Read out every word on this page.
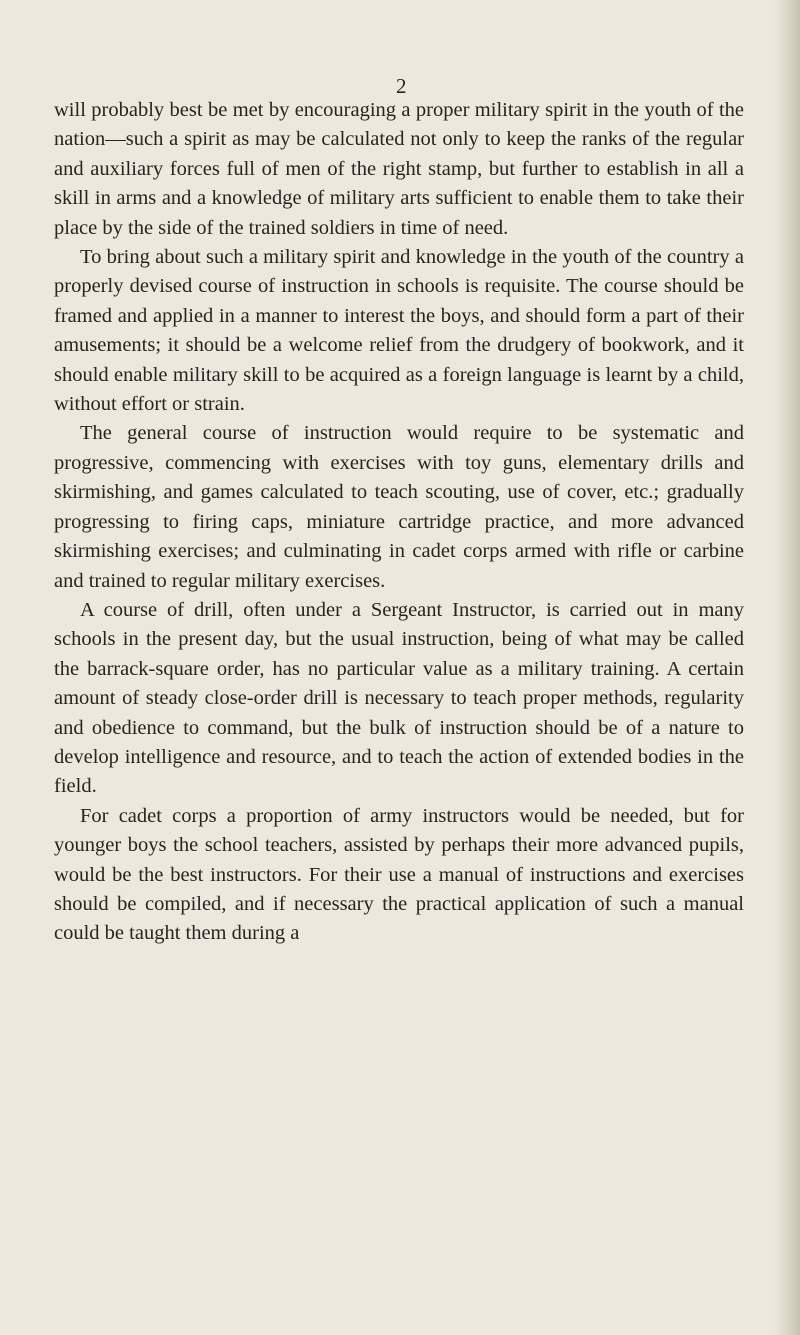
2

will probably best be met by encouraging a proper military spirit in the youth of the nation—such a spirit as may be calculated not only to keep the ranks of the regular and auxiliary forces full of men of the right stamp, but further to establish in all a skill in arms and a knowledge of military arts sufficient to enable them to take their place by the side of the trained soldiers in time of need.

To bring about such a military spirit and knowledge in the youth of the country a properly devised course of instruction in schools is requisite. The course should be framed and applied in a manner to interest the boys, and should form a part of their amusements; it should be a welcome relief from the drudgery of bookwork, and it should enable military skill to be acquired as a foreign language is learnt by a child, without effort or strain.

The general course of instruction would require to be systematic and progressive, commencing with exercises with toy guns, elementary drills and skirmishing, and games calculated to teach scouting, use of cover, etc.; gradually progressing to firing caps, miniature cartridge practice, and more advanced skirmishing exercises; and culminating in cadet corps armed with rifle or carbine and trained to regular military exercises.

A course of drill, often under a Sergeant Instructor, is carried out in many schools in the present day, but the usual instruction, being of what may be called the barrack-square order, has no particular value as a military training. A certain amount of steady close-order drill is necessary to teach proper methods, regularity and obedience to command, but the bulk of instruction should be of a nature to develop intelligence and resource, and to teach the action of extended bodies in the field.

For cadet corps a proportion of army instructors would be needed, but for younger boys the school teachers, assisted by perhaps their more advanced pupils, would be the best instructors. For their use a manual of instructions and exercises should be compiled, and if necessary the practical application of such a manual could be taught them during a
